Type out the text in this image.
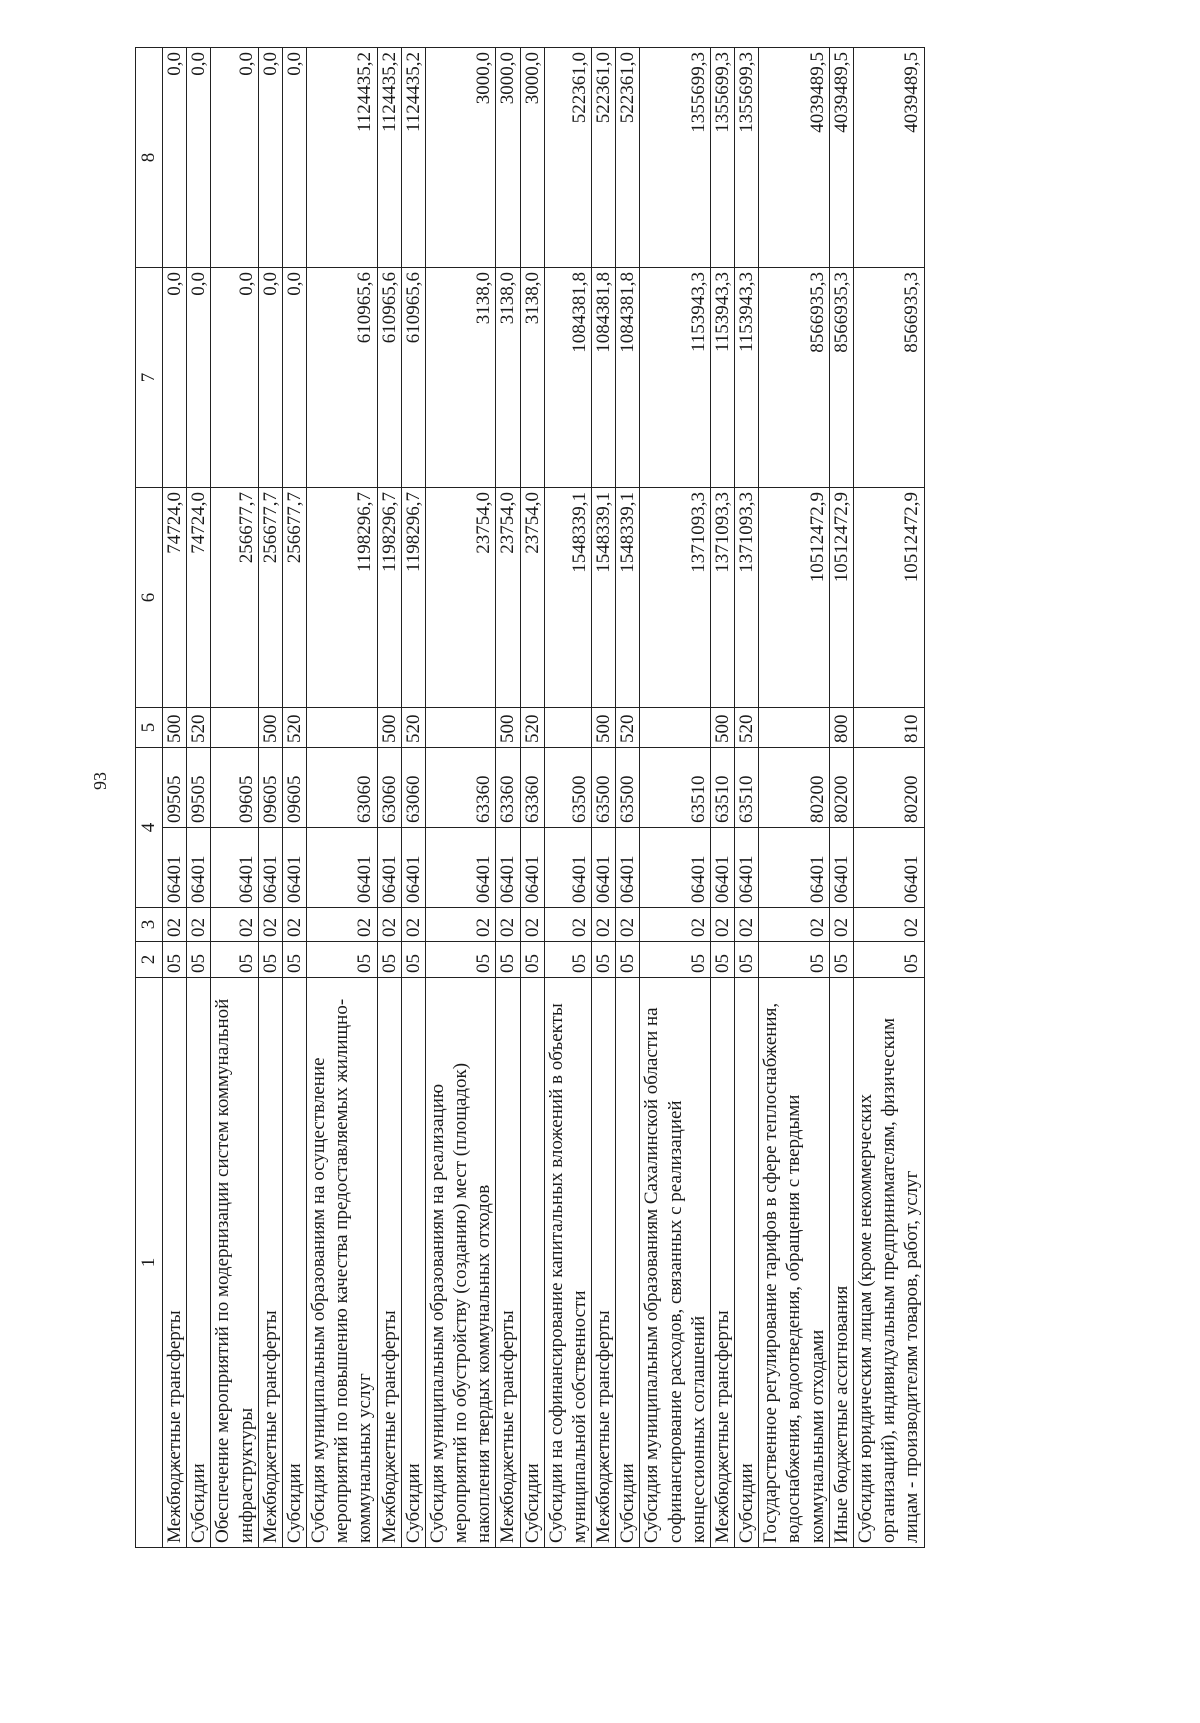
93
1	2	3	4		5	6	7	8
Межбюджетные трансферты	05	02	06401	09505	500	74724,0	0,0	0,0
Субсидии	05	02	06401	09505	520	74724,0	0,0	0,0
Обеспечение мероприятий по модернизации систем коммунальной инфраструктуры	05	02	06401	09605		256677,7	0,0	0,0
Межбюджетные трансферты	05	02	06401	09605	500	256677,7	0,0	0,0
Субсидии	05	02	06401	09605	520	256677,7	0,0	0,0
Субсидия муниципальным образованиям на осуществление мероприятий по повышению качества предоставляемых жилищно-коммунальных услуг	05	02	06401	63060		1198296,7	610965,6	1124435,2
Межбюджетные трансферты	05	02	06401	63060	500	1198296,7	610965,6	1124435,2
Субсидии	05	02	06401	63060	520	1198296,7	610965,6	1124435,2
Субсидия муниципальным образованиям на реализацию мероприятий по обустройству (созданию) мест (площадок) накопления твердых коммунальных отходов	05	02	06401	63360		23754,0	3138,0	3000,0
Межбюджетные трансферты	05	02	06401	63360	500	23754,0	3138,0	3000,0
Субсидии	05	02	06401	63360	520	23754,0	3138,0	3000,0
Субсидии на софинансирование капитальных вложений в объекты муниципальной собственности	05	02	06401	63500		1548339,1	1084381,8	522361,0
Межбюджетные трансферты	05	02	06401	63500	500	1548339,1	1084381,8	522361,0
Субсидии	05	02	06401	63500	520	1548339,1	1084381,8	522361,0
Субсидия муниципальным образованиям Сахалинской области на софинансирование расходов, связанных с реализацией концессионных соглашений	05	02	06401	63510		1371093,3	1153943,3	1355699,3
Межбюджетные трансферты	05	02	06401	63510	500	1371093,3	1153943,3	1355699,3
Субсидии	05	02	06401	63510	520	1371093,3	1153943,3	1355699,3
Государственное регулирование тарифов в сфере теплоснабжения, водоснабжения, водоотведения, обращения с твердыми коммунальными отходами	05	02	06401	80200		10512472,9	8566935,3	4039489,5
Иные бюджетные ассигнования	05	02	06401	80200	800	10512472,9	8566935,3	4039489,5
Субсидии юридическим лицам (кроме некоммерческих организаций), индивидуальным предпринимателям, физическим лицам - производителям товаров, работ, услуг	05	02	06401	80200	810	10512472,9	8566935,3	4039489,5
